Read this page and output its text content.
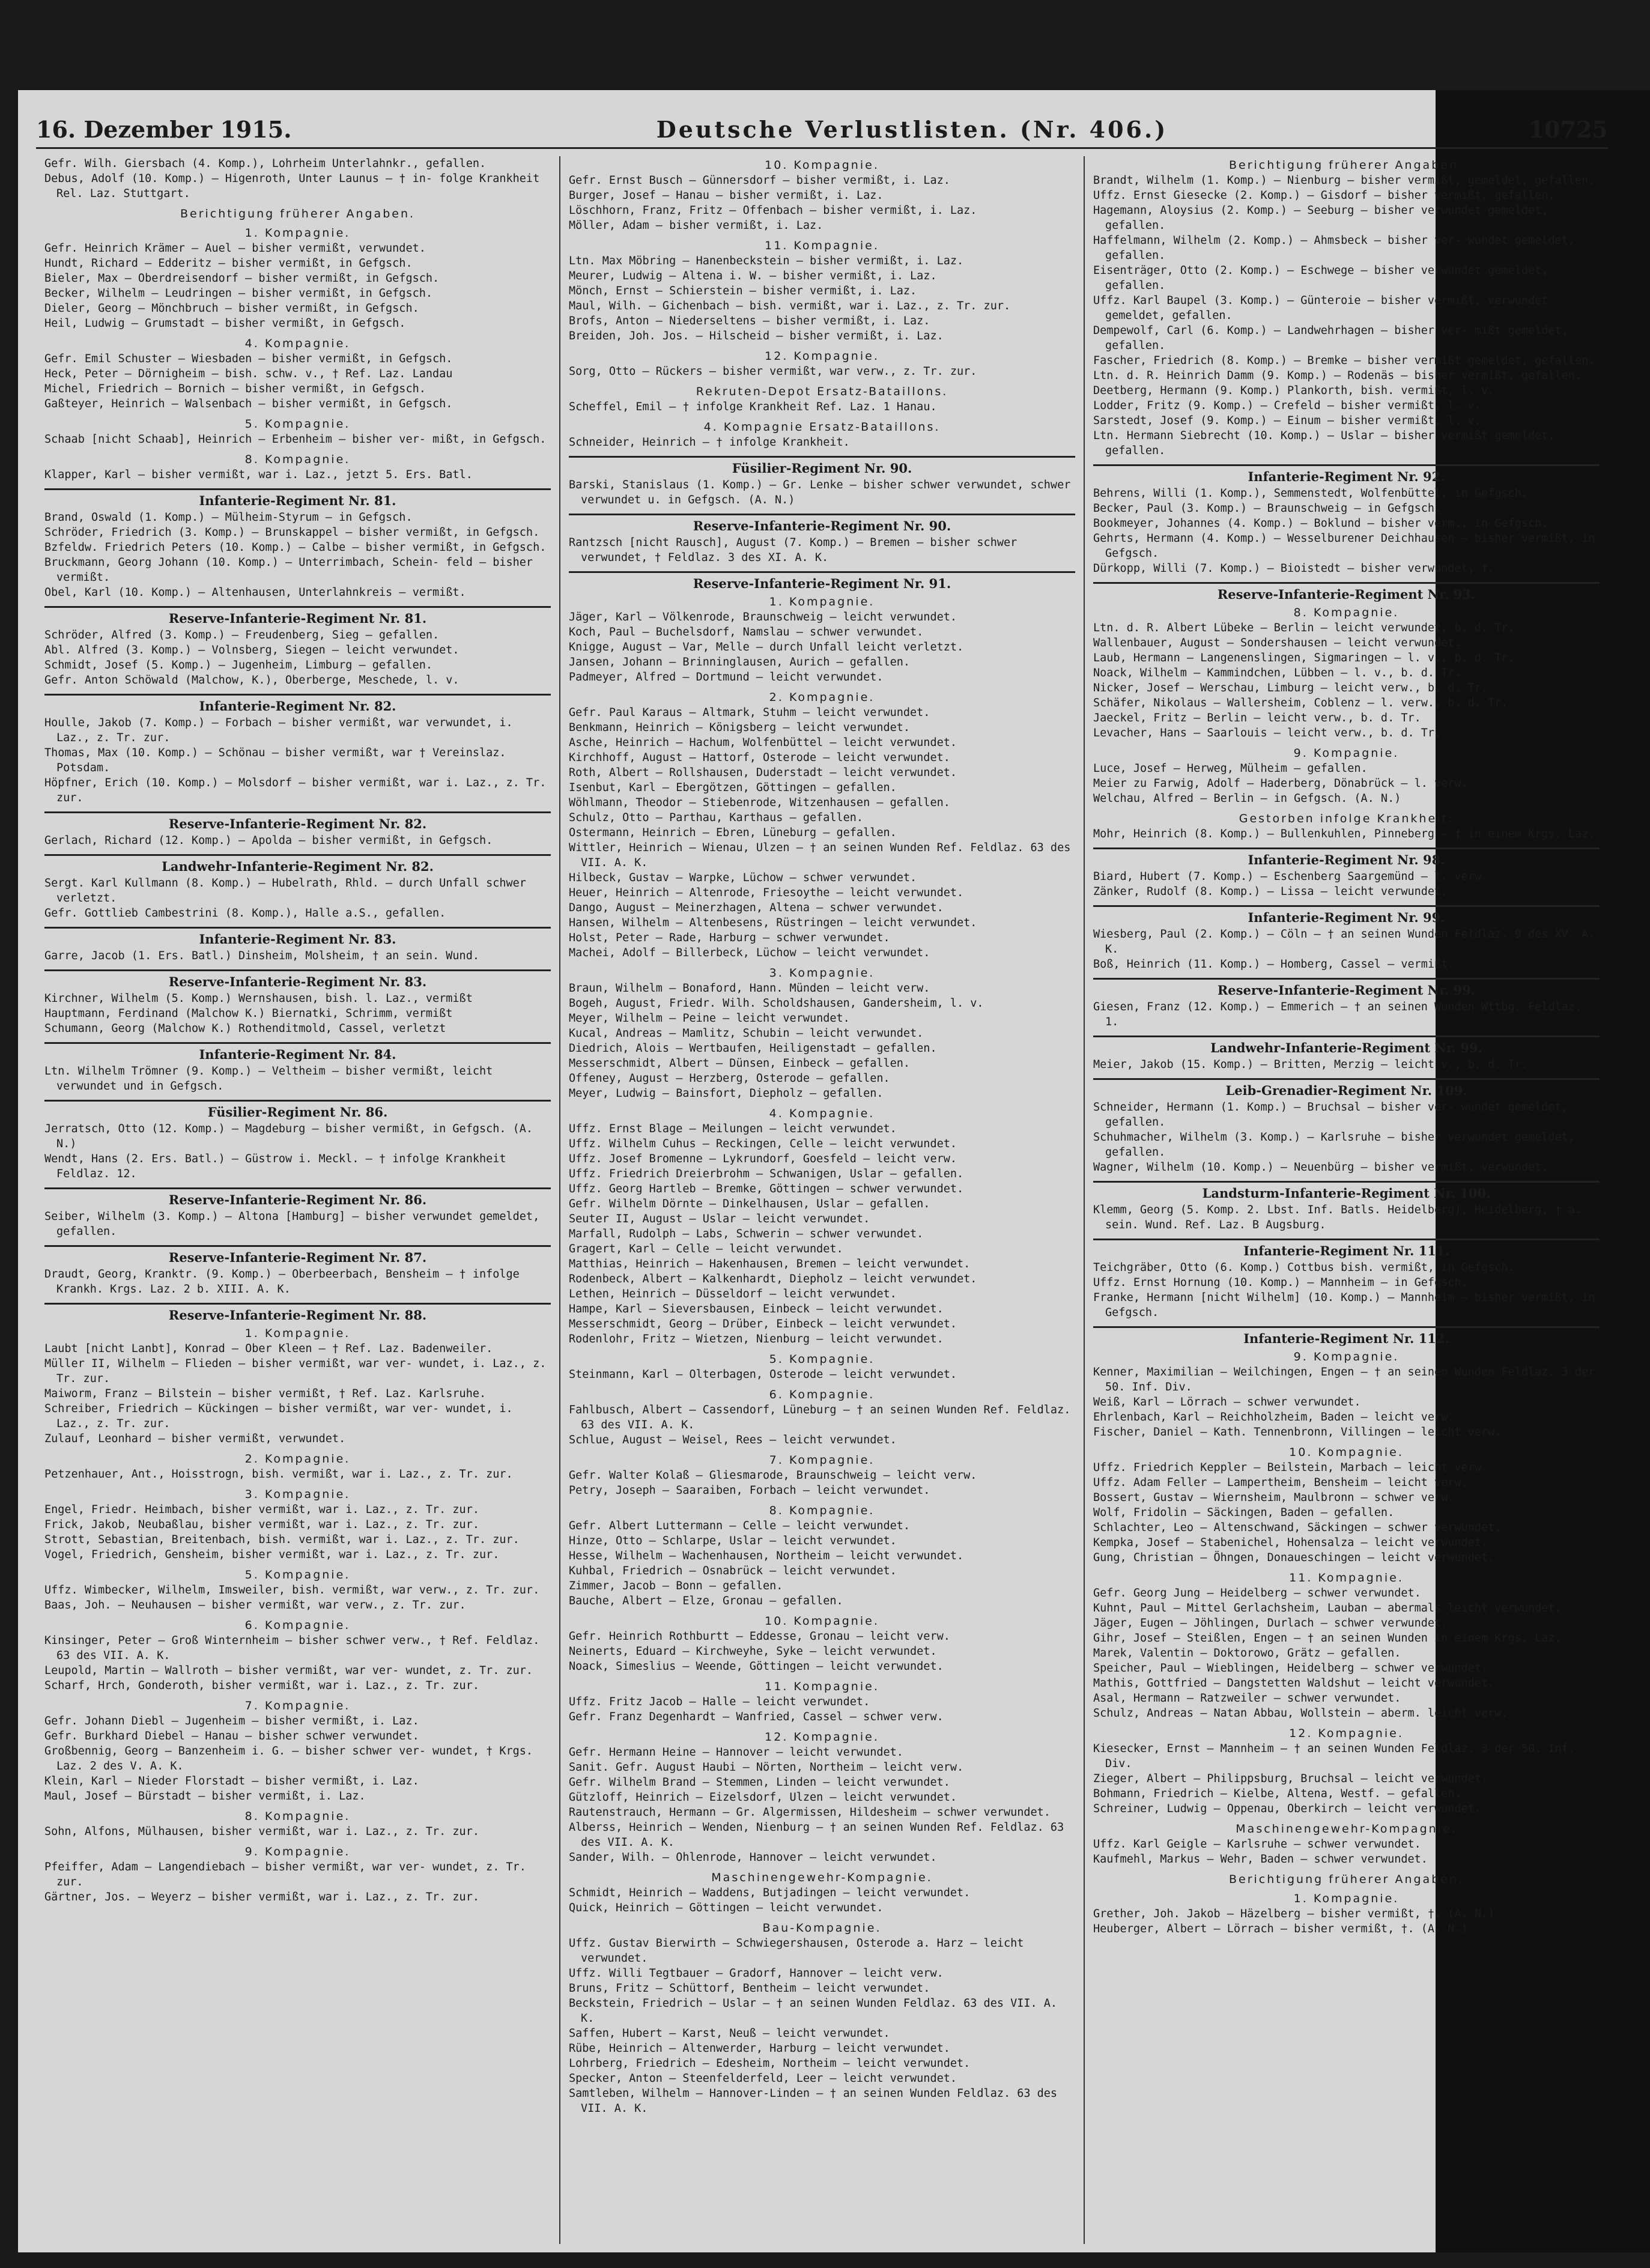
16. Dezember 1915.	Deutsche Verlustlisten. (Nr. 406.)	10725

Gefr. Wilh. Giersbach (4. Komp.), Lohrheim Unterlahnkr., gefallen.

Debus, Adolf (10. Komp.) — Higenroth, Unter Launus — † in- folge Krankheit Rel. Laz. Stuttgart.

Berichtigung früherer Angaben.
1. Kompagnie.

Gefr. Heinrich Krämer — Auel — bisher vermißt, verwundet.

Hundt, Richard — Edderitz — bisher vermißt, in Gefgsch.

Bieler, Max — Oberdreisendorf — bisher vermißt, in Gefgsch.

Becker, Wilhelm — Leudringen — bisher vermißt, in Gefgsch.

Dieler, Georg — Mönchbruch — bisher vermißt, in Gefgsch.

Heil, Ludwig — Grumstadt — bisher vermißt, in Gefgsch.

4. Kompagnie.

Gefr. Emil Schuster — Wiesbaden — bisher vermißt, in Gefgsch.

Heck, Peter — Dörnigheim — bish. schw. v., † Ref. Laz. Landau

Michel, Friedrich — Bornich — bisher vermißt, in Gefgsch.

Gaßteyer, Heinrich — Walsenbach — bisher vermißt, in Gefgsch.

5. Kompagnie.

Schaab [nicht Schaab], Heinrich — Erbenheim — bisher ver- mißt, in Gefgsch.

8. Kompagnie.

Klapper, Karl — bisher vermißt, war i. Laz., jetzt 5. Ers. Batl.

Infanterie-Regiment Nr. 81.

Brand, Oswald (1. Komp.) — Mülheim-Styrum — in Gefgsch.

Schröder, Friedrich (3. Komp.) — Brunskappel — bisher vermißt, in Gefgsch.

Bzfeldw. Friedrich Peters (10. Komp.) — Calbe — bisher vermißt, in Gefgsch.

Bruckmann, Georg Johann (10. Komp.) — Unterrimbach, Schein- feld — bisher vermißt.

Obel, Karl (10. Komp.) — Altenhausen, Unterlahnkreis — vermißt.

Reserve-Infanterie-Regiment Nr. 81.

Schröder, Alfred (3. Komp.) — Freudenberg, Sieg — gefallen.

Abl. Alfred (3. Komp.) — Volnsberg, Siegen — leicht verwundet.

Schmidt, Josef (5. Komp.) — Jugenheim, Limburg — gefallen.

Gefr. Anton Schöwald (Malchow, K.), Oberberge, Meschede, l. v.

Infanterie-Regiment Nr. 82.

Houlle, Jakob (7. Komp.) — Forbach — bisher vermißt, war verwundet, i. Laz., z. Tr. zur.

Thomas, Max (10. Komp.) — Schönau — bisher vermißt, war † Vereinslaz. Potsdam.

Höpfner, Erich (10. Komp.) — Molsdorf — bisher vermißt, war i. Laz., z. Tr. zur.

Reserve-Infanterie-Regiment Nr. 82.

Gerlach, Richard (12. Komp.) — Apolda — bisher vermißt, in Gefgsch.

Landwehr-Infanterie-Regiment Nr. 82.

Sergt. Karl Kullmann (8. Komp.) — Hubelrath, Rhld. — durch Unfall schwer verletzt.

Gefr. Gottlieb Cambestrini (8. Komp.), Halle a.S., gefallen.

Infanterie-Regiment Nr. 83.

Garre, Jacob (1. Ers. Batl.) Dinsheim, Molsheim, † an sein. Wund.

Reserve-Infanterie-Regiment Nr. 83.

Kirchner, Wilhelm (5. Komp.) Wernshausen, bish. l. Laz., vermißt

Hauptmann, Ferdinand (Malchow K.) Biernatki, Schrimm, vermißt

Schumann, Georg (Malchow K.) Rothenditmold, Cassel, verletzt

Infanterie-Regiment Nr. 84.

Ltn. Wilhelm Trömner (9. Komp.) — Veltheim — bisher vermißt, leicht verwundet und in Gefgsch.

Füsilier-Regiment Nr. 86.

Jerratsch, Otto (12. Komp.) — Magdeburg — bisher vermißt, in Gefgsch. (A. N.)

Wendt, Hans (2. Ers. Batl.) — Güstrow i. Meckl. — † infolge Krankheit Feldlaz. 12.

Reserve-Infanterie-Regiment Nr. 86.

Seiber, Wilhelm (3. Komp.) — Altona [Hamburg] — bisher verwundet gemeldet, gefallen.

Reserve-Infanterie-Regiment Nr. 87.

Draudt, Georg, Kranktr. (9. Komp.) — Oberbeerbach, Bensheim — † infolge Krankh. Krgs. Laz. 2 b. XIII. A. K.

Reserve-Infanterie-Regiment Nr. 88.
1. Kompagnie.

Laubt [nicht Lanbt], Konrad — Ober Kleen — † Ref. Laz. Badenweiler.

Müller II, Wilhelm — Flieden — bisher vermißt, war ver- wundet, i. Laz., z. Tr. zur.

Maiworm, Franz — Bilstein — bisher vermißt, † Ref. Laz. Karlsruhe.

Schreiber, Friedrich — Kückingen — bisher vermißt, war ver- wundet, i. Laz., z. Tr. zur.

Zulauf, Leonhard — bisher vermißt, verwundet.

2. Kompagnie.

Petzenhauer, Ant., Hoisstrogn, bish. vermißt, war i. Laz., z. Tr. zur.

3. Kompagnie.

Engel, Friedr. Heimbach, bisher vermißt, war i. Laz., z. Tr. zur.

Frick, Jakob, Neubaßlau, bisher vermißt, war i. Laz., z. Tr. zur.

Strott, Sebastian, Breitenbach, bish. vermißt, war i. Laz., z. Tr. zur.

Vogel, Friedrich, Gensheim, bisher vermißt, war i. Laz., z. Tr. zur.

5. Kompagnie.

Uffz. Wimbecker, Wilhelm, Imsweiler, bish. vermißt, war verw., z. Tr. zur.

Baas, Joh. — Neuhausen — bisher vermißt, war verw., z. Tr. zur.

6. Kompagnie.

Kinsinger, Peter — Groß Winternheim — bisher schwer verw., † Ref. Feldlaz. 63 des VII. A. K.

Leupold, Martin — Wallroth — bisher vermißt, war ver- wundet, z. Tr. zur.

Scharf, Hrch, Gonderoth, bisher vermißt, war i. Laz., z. Tr. zur.

7. Kompagnie.

Gefr. Johann Diebl — Jugenheim — bisher vermißt, i. Laz.

Gefr. Burkhard Diebel — Hanau — bisher schwer verwundet.

Großbennig, Georg — Banzenheim i. G. — bisher schwer ver- wundet, † Krgs. Laz. 2 des V. A. K.

Klein, Karl — Nieder Florstadt — bisher vermißt, i. Laz.

Maul, Josef — Bürstadt — bisher vermißt, i. Laz.

8. Kompagnie.

Sohn, Alfons, Mülhausen, bisher vermißt, war i. Laz., z. Tr. zur.

9. Kompagnie.

Pfeiffer, Adam — Langendiebach — bisher vermißt, war ver- wundet, z. Tr. zur.

Gärtner, Jos. — Weyerz — bisher vermißt, war i. Laz., z. Tr. zur.

10. Kompagnie.

Gefr. Ernst Busch — Günnersdorf — bisher vermißt, i. Laz.

Burger, Josef — Hanau — bisher vermißt, i. Laz.

Löschhorn, Franz, Fritz — Offenbach — bisher vermißt, i. Laz.

Möller, Adam — bisher vermißt, i. Laz.

11. Kompagnie.

Ltn. Max Möbring — Hanenbeckstein — bisher vermißt, i. Laz.

Meurer, Ludwig — Altena i. W. — bisher vermißt, i. Laz.

Mönch, Ernst — Schierstein — bisher vermißt, i. Laz.

Maul, Wilh. — Gichenbach — bish. vermißt, war i. Laz., z. Tr. zur.

Brofs, Anton — Niederseltens — bisher vermißt, i. Laz.

Breiden, Joh. Jos. — Hilscheid — bisher vermißt, i. Laz.

12. Kompagnie.

Sorg, Otto — Rückers — bisher vermißt, war verw., z. Tr. zur.

Rekruten-Depot Ersatz-Bataillons.

Scheffel, Emil — † infolge Krankheit Ref. Laz. 1 Hanau.

4. Kompagnie Ersatz-Bataillons.

Schneider, Heinrich — † infolge Krankheit.

Füsilier-Regiment Nr. 90.

Barski, Stanislaus (1. Komp.) — Gr. Lenke — bisher schwer verwundet, schwer verwundet u. in Gefgsch. (A. N.)

Reserve-Infanterie-Regiment Nr. 90.

Rantzsch [nicht Rausch], August (7. Komp.) — Bremen — bisher schwer verwundet, † Feldlaz. 3 des XI. A. K.

Reserve-Infanterie-Regiment Nr. 91.
1. Kompagnie.

Jäger, Karl — Völkenrode, Braunschweig — leicht verwundet.

Koch, Paul — Buchelsdorf, Namslau — schwer verwundet.

Knigge, August — Var, Melle — durch Unfall leicht verletzt.

Jansen, Johann — Brinninglausen, Aurich — gefallen.

Padmeyer, Alfred — Dortmund — leicht verwundet.

2. Kompagnie.

Gefr. Paul Karaus — Altmark, Stuhm — leicht verwundet.

Benkmann, Heinrich — Königsberg — leicht verwundet.

Asche, Heinrich — Hachum, Wolfenbüttel — leicht verwundet.

Kirchhoff, August — Hattorf, Osterode — leicht verwundet.

Roth, Albert — Rollshausen, Duderstadt — leicht verwundet.

Isenbut, Karl — Ebergötzen, Göttingen — gefallen.

Wöhlmann, Theodor — Stiebenrode, Witzenhausen — gefallen.

Schulz, Otto — Parthau, Karthaus — gefallen.

Ostermann, Heinrich — Ebren, Lüneburg — gefallen.

Wittler, Heinrich — Wienau, Ulzen — † an seinen Wunden Ref. Feldlaz. 63 des VII. A. K.

Hilbeck, Gustav — Warpke, Lüchow — schwer verwundet.

Heuer, Heinrich — Altenrode, Friesoythe — leicht verwundet.

Dango, August — Meinerzhagen, Altena — schwer verwundet.

Hansen, Wilhelm — Altenbesens, Rüstringen — leicht verwundet.

Holst, Peter — Rade, Harburg — schwer verwundet.

Machei, Adolf — Billerbeck, Lüchow — leicht verwundet.

3. Kompagnie.

Braun, Wilhelm — Bonaford, Hann. Münden — leicht verw.

Bogeh, August, Friedr. Wilh. Scholdshausen, Gandersheim, l. v.

Meyer, Wilhelm — Peine — leicht verwundet.

Kucal, Andreas — Mamlitz, Schubin — leicht verwundet.

Diedrich, Alois — Wertbaufen, Heiligenstadt — gefallen.

Messerschmidt, Albert — Dünsen, Einbeck — gefallen.

Offeney, August — Herzberg, Osterode — gefallen.

Meyer, Ludwig — Bainsfort, Diepholz — gefallen.

4. Kompagnie.

Uffz. Ernst Blage — Meilungen — leicht verwundet.

Uffz. Wilhelm Cuhus — Reckingen, Celle — leicht verwundet.

Uffz. Josef Bromenne — Lykrundorf, Goesfeld — leicht verw.

Uffz. Friedrich Dreierbrohm — Schwanigen, Uslar — gefallen.

Uffz. Georg Hartleb — Bremke, Göttingen — schwer verwundet.

Gefr. Wilhelm Dörnte — Dinkelhausen, Uslar — gefallen.

Seuter II, August — Uslar — leicht verwundet.

Marfall, Rudolph — Labs, Schwerin — schwer verwundet.

Gragert, Karl — Celle — leicht verwundet.

Matthias, Heinrich — Hakenhausen, Bremen — leicht verwundet.

Rodenbeck, Albert — Kalkenhardt, Diepholz — leicht verwundet.

Lethen, Heinrich — Düsseldorf — leicht verwundet.

Hampe, Karl — Sieversbausen, Einbeck — leicht verwundet.

Messerschmidt, Georg — Drüber, Einbeck — leicht verwundet.

Rodenlohr, Fritz — Wietzen, Nienburg — leicht verwundet.

5. Kompagnie.

Steinmann, Karl — Olterbagen, Osterode — leicht verwundet.

6. Kompagnie.

Fahlbusch, Albert — Cassendorf, Lüneburg — † an seinen Wunden Ref. Feldlaz. 63 des VII. A. K.

Schlue, August — Weisel, Rees — leicht verwundet.

7. Kompagnie.

Gefr. Walter Kolaß — Gliesmarode, Braunschweig — leicht verw.

Petry, Joseph — Saaraiben, Forbach — leicht verwundet.

8. Kompagnie.

Gefr. Albert Luttermann — Celle — leicht verwundet.

Hinze, Otto — Schlarpe, Uslar — leicht verwundet.

Hesse, Wilhelm — Wachenhausen, Northeim — leicht verwundet.

Kuhbal, Friedrich — Osnabrück — leicht verwundet.

Zimmer, Jacob — Bonn — gefallen.

Bauche, Albert — Elze, Gronau — gefallen.

10. Kompagnie.

Gefr. Heinrich Rothburtt — Eddesse, Gronau — leicht verw.

Neinerts, Eduard — Kirchweyhe, Syke — leicht verwundet.

Noack, Simeslius — Weende, Göttingen — leicht verwundet.

11. Kompagnie.

Uffz. Fritz Jacob — Halle — leicht verwundet.

Gefr. Franz Degenhardt — Wanfried, Cassel — schwer verw.

12. Kompagnie.

Gefr. Hermann Heine — Hannover — leicht verwundet.

Sanit. Gefr. August Haubi — Nörten, Northeim — leicht verw.

Gefr. Wilhelm Brand — Stemmen, Linden — leicht verwundet.

Gützloff, Heinrich — Eizelsdorf, Ulzen — leicht verwundet.

Rautenstrauch, Hermann — Gr. Algermissen, Hildesheim — schwer verwundet.

Alberss, Heinrich — Wenden, Nienburg — † an seinen Wunden Ref. Feldlaz. 63 des VII. A. K.

Sander, Wilh. — Ohlenrode, Hannover — leicht verwundet.

Maschinengewehr-Kompagnie.

Schmidt, Heinrich — Waddens, Butjadingen — leicht verwundet.

Quick, Heinrich — Göttingen — leicht verwundet.

Bau-Kompagnie.

Uffz. Gustav Bierwirth — Schwiegershausen, Osterode a. Harz — leicht verwundet.

Uffz. Willi Tegtbauer — Gradorf, Hannover — leicht verw.

Bruns, Fritz — Schüttorf, Bentheim — leicht verwundet.

Beckstein, Friedrich — Uslar — † an seinen Wunden Feldlaz. 63 des VII. A. K.

Saffen, Hubert — Karst, Neuß — leicht verwundet.

Rübe, Heinrich — Altenwerder, Harburg — leicht verwundet.

Lohrberg, Friedrich — Edesheim, Northeim — leicht verwundet.

Specker, Anton — Steenfelderfeld, Leer — leicht verwundet.

Samtleben, Wilhelm — Hannover-Linden — † an seinen Wunden Feldlaz. 63 des VII. A. K.

Berichtigung früherer Angaben.

Brandt, Wilhelm (1. Komp.) — Nienburg — bisher vermißt, gemeldet, gefallen.

Uffz. Ernst Giesecke (2. Komp.) — Gisdorf — bisher vermißt, gefallen.

Hagemann, Aloysius (2. Komp.) — Seeburg — bisher verwundet gemeldet, gefallen.

Haffelmann, Wilhelm (2. Komp.) — Ahmsbeck — bisher ver- wundet gemeldet, gefallen.

Eisenträger, Otto (2. Komp.) — Eschwege — bisher verwundet gemeldet, gefallen.

Uffz. Karl Baupel (3. Komp.) — Günteroie — bisher vermißt, verwundet gemeldet, gefallen.

Dempewolf, Carl (6. Komp.) — Landwehrhagen — bisher ver- mißt gemeldet, gefallen.

Fascher, Friedrich (8. Komp.) — Bremke — bisher vermißt gemeldet, gefallen.

Ltn. d. R. Heinrich Damm (9. Komp.) — Rodenäs — bisher vermißt, gefallen.

Deetberg, Hermann (9. Komp.) Plankorth, bish. vermißt, l. v.

Lodder, Fritz (9. Komp.) — Crefeld — bisher vermißt, l. v.

Sarstedt, Josef (9. Komp.) — Einum — bisher vermißt, l. v.

Ltn. Hermann Siebrecht (10. Komp.) — Uslar — bisher vermißt gemeldet, gefallen.

Infanterie-Regiment Nr. 92.

Behrens, Willi (1. Komp.), Semmenstedt, Wolfenbüttel, in Gefgsch.

Becker, Paul (3. Komp.) — Braunschweig — in Gefgsch.

Bookmeyer, Johannes (4. Komp.) — Boklund — bisher verm., in Gefgsch.

Gehrts, Hermann (4. Komp.) — Wesselburener Deichhausen — bisher vermißt, in Gefgsch.

Dürkopp, Willi (7. Komp.) — Bioistedt — bisher verwundet, †.

Reserve-Infanterie-Regiment Nr. 93.
8. Kompagnie.

Ltn. d. R. Albert Lübeke — Berlin — leicht verwundet, b. d. Tr.

Wallenbauer, August — Sondershausen — leicht verwundet.

Laub, Hermann — Langenenslingen, Sigmaringen — l. v., b. d. Tr.

Noack, Wilhelm — Kammindchen, Lübben — l. v., b. d. Tr.

Nicker, Josef — Werschau, Limburg — leicht verw., b. d. Tr.

Schäfer, Nikolaus — Wallersheim, Coblenz — l. verw., b. d. Tr.

Jaeckel, Fritz — Berlin — leicht verw., b. d. Tr.

Levacher, Hans — Saarlouis — leicht verw., b. d. Tr.

9. Kompagnie.

Luce, Josef — Herweg, Mülheim — gefallen.

Meier zu Farwig, Adolf — Haderberg, Dönabrück — l. verw.

Welchau, Alfred — Berlin — in Gefgsch. (A. N.)

Gestorben infolge Krankheit:

Mohr, Heinrich (8. Komp.) — Bullenkuhlen, Pinneberg — † in einem Krgs. Laz.

Infanterie-Regiment Nr. 98.

Biard, Hubert (7. Komp.) — Eschenberg Saargemünd — l. verw.

Zänker, Rudolf (8. Komp.) — Lissa — leicht verwundet.

Infanterie-Regiment Nr. 99.

Wiesberg, Paul (2. Komp.) — Cöln — † an seinen Wunden Feldlaz. 9 des XV. A. K.

Boß, Heinrich (11. Komp.) — Homberg, Cassel — vermißt.

Reserve-Infanterie-Regiment Nr. 99.

Giesen, Franz (12. Komp.) — Emmerich — † an seinen Wunden Wttbg. Feldlaz. 1.

Landwehr-Infanterie-Regiment Nr. 99.

Meier, Jakob (15. Komp.) — Britten, Merzig — leicht v., b. d. Tr.

Leib-Grenadier-Regiment Nr. 109.

Schneider, Hermann (1. Komp.) — Bruchsal — bisher ver- wundet gemeldet, gefallen.

Schuhmacher, Wilhelm (3. Komp.) — Karlsruhe — bisher verwundet gemeldet, gefallen.

Wagner, Wilhelm (10. Komp.) — Neuenbürg — bisher vermißt, verwundet.

Landsturm-Infanterie-Regiment Nr. 100.

Klemm, Georg (5. Komp. 2. Lbst. Inf. Batls. Heidelberg), Heidelberg, † a. sein. Wund. Ref. Laz. B Augsburg.

Infanterie-Regiment Nr. 111.

Teichgräber, Otto (6. Komp.) Cottbus bish. vermißt, in Gefgsch.

Uffz. Ernst Hornung (10. Komp.) — Mannheim — in Gefgsch.

Franke, Hermann [nicht Wilhelm] (10. Komp.) — Mannheim — bisher vermißt, in Gefgsch.

Infanterie-Regiment Nr. 112.
9. Kompagnie.

Kenner, Maximilian — Weilchingen, Engen — † an seinen Wunden Feldlaz. 3 der 50. Inf. Div.

Weiß, Karl — Lörrach — schwer verwundet.

Ehrlenbach, Karl — Reichholzheim, Baden — leicht verw.

Fischer, Daniel — Kath. Tennenbronn, Villingen — leicht verw.

10. Kompagnie.

Uffz. Friedrich Keppler — Beilstein, Marbach — leicht verw.

Uffz. Adam Feller — Lampertheim, Bensheim — leicht verw.

Bossert, Gustav — Wiernsheim, Maulbronn — schwer verw.

Wolf, Fridolin — Säckingen, Baden — gefallen.

Schlachter, Leo — Altenschwand, Säckingen — schwer verwundet.

Kempka, Josef — Stabenichel, Hohensalza — leicht verwundet.

Gung, Christian — Öhngen, Donaueschingen — leicht verwundet.

11. Kompagnie.

Gefr. Georg Jung — Heidelberg — schwer verwundet.

Kuhnt, Paul — Mittel Gerlachsheim, Lauban — abermals leicht verwundet.

Jäger, Eugen — Jöhlingen, Durlach — schwer verwundet.

Gihr, Josef — Steißlen, Engen — † an seinen Wunden in einem Krgs. Laz.

Marek, Valentin — Doktorowo, Grätz — gefallen.

Speicher, Paul — Wieblingen, Heidelberg — schwer verwundet.

Mathis, Gottfried — Dangstetten Waldshut — leicht verwundet.

Asal, Hermann — Ratzweiler — schwer verwundet.

Schulz, Andreas — Natan Abbau, Wollstein — aberm. leicht verw.

12. Kompagnie.

Kiesecker, Ernst — Mannheim — † an seinen Wunden Feldlaz. 3 der 50. Inf. Div.

Zieger, Albert — Philippsburg, Bruchsal — leicht verwundet.

Bohmann, Friedrich — Kielbe, Altena, Westf. — gefallen.

Schreiner, Ludwig — Oppenau, Oberkirch — leicht verwundet.

Maschinengewehr-Kompagnie.

Uffz. Karl Geigle — Karlsruhe — schwer verwundet.

Kaufmehl, Markus — Wehr, Baden — schwer verwundet.

Berichtigung früherer Angaben.
1. Kompagnie.

Grether, Joh. Jakob — Häzelberg — bisher vermißt, †. (A. N.)

Heuberger, Albert — Lörrach — bisher vermißt, †. (A. N.)
